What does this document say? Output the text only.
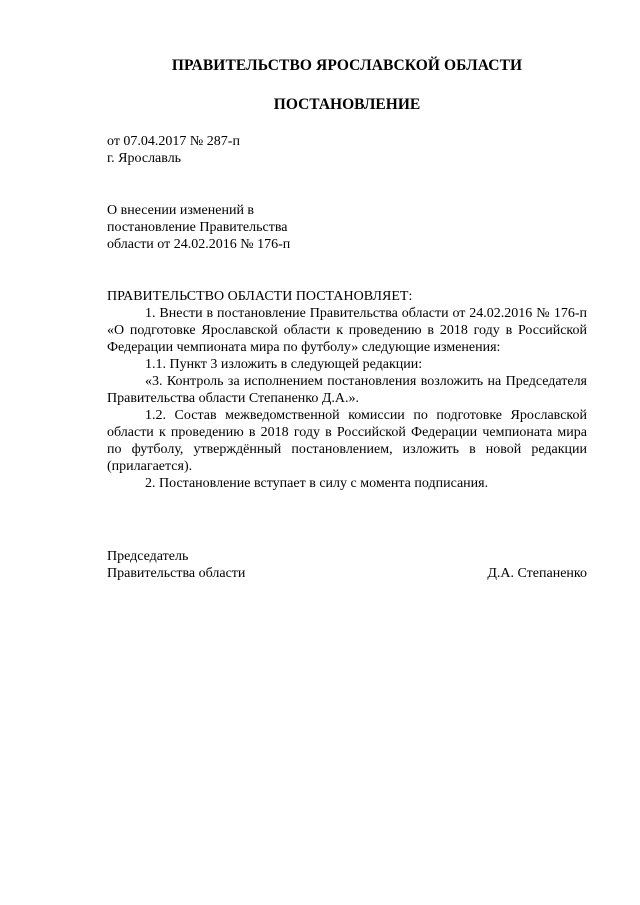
ПРАВИТЕЛЬСТВО ЯРОСЛАВСКОЙ ОБЛАСТИ
ПОСТАНОВЛЕНИЕ
от 07.04.2017 № 287-п
г. Ярославль
О внесении изменений в
постановление Правительства
области от 24.02.2016 № 176-п

ПРАВИТЕЛЬСТВО ОБЛАСТИ ПОСТАНОВЛЯЕТ:

1. Внести в постановление Правительства области от 24.02.2016 № 176-п «О подготовке Ярославской области к проведению в 2018 году в Российской Федерации чемпионата мира по футболу» следующие изменения:

1.1. Пункт 3 изложить в следующей редакции:

«3. Контроль за исполнением постановления возложить на Председателя Правительства области Степаненко Д.А.».

1.2. Состав межведомственной комиссии по подготовке Ярославской области к проведению в 2018 году в Российской Федерации чемпионата мира по футболу, утверждённый постановлением, изложить в новой редакции (прилагается).

2. Постановление вступает в силу с момента подписания.

Председатель
Правительства области	Д.А. Степаненко
